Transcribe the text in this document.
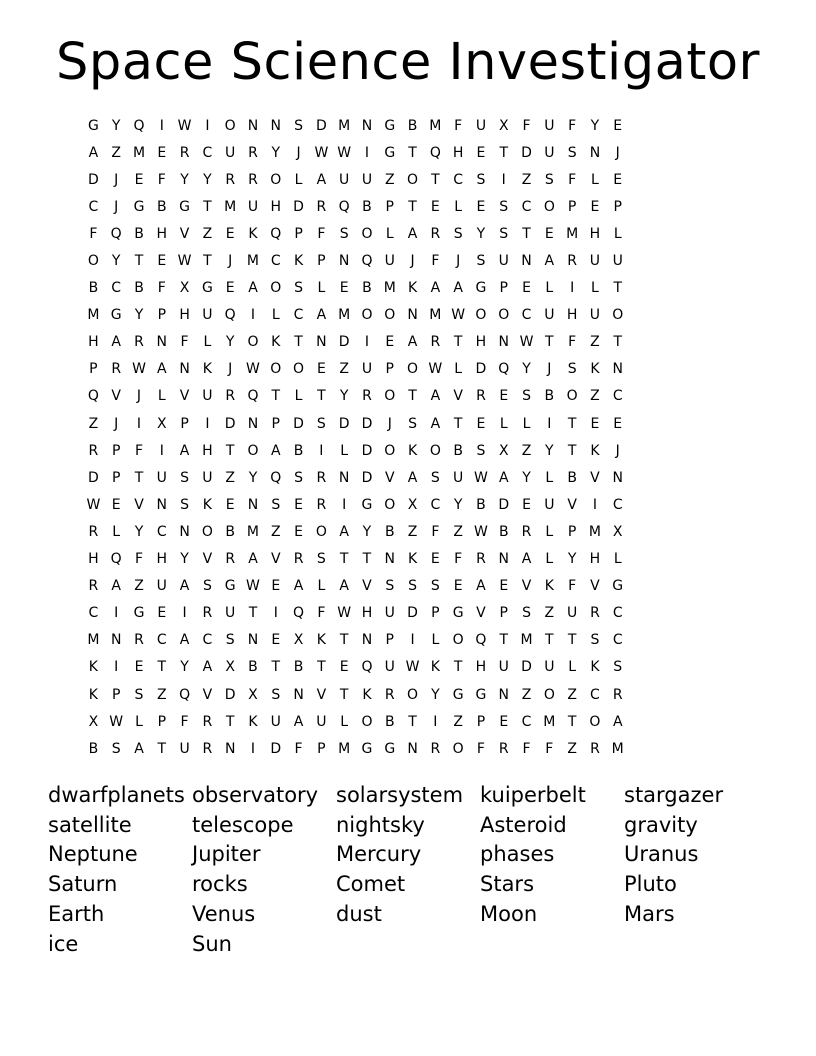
Space Science Investigator
G Y Q	I W I	O N N S D M N G B M F U X F U F	Y	E
A Z M E R C U R Y	J W W I	G T Q H E	T D U S N	J
D	J	E	F	Y	Y R R O L	A U U Z O T C S	I	Z S	F	L	E
C	J	G B G T M U H D R Q B P	T	E	L	E S C O P	E	P
F Q B H V Z E K Q P	F	S O L	A R S	Y	S	T	E M H L
O Y	T	E W T	J	M C K P N Q U	J	F	J	S U N A R U U
B C B F X G E A O S	L	E B M K A A G P	E	L	I	L	T
M G Y	P H U Q	I	L	C A M O O N M W O O C U H U O
H A R N F	L	Y O K T N D	I	E A R T H N W T	F Z T
P R W A N K	J W O O E Z U P O W L D Q Y	J	S K N
Q V	J	L	V U R Q T	L	T	Y R O T A V R E S B O Z C
Z	J	I	X P	I	D N P D S D D	J	S A T	E	L	L	I	T	E E
R P	F	I	A H T O A B	I	L D O K O B S X Z Y	T K	J
D P	T U S U Z Y Q S R N D V A S U W A Y	L	B V N
W E V N S K E N S E R	I	G O X C Y B D E U V	I	C
R	L	Y C N O B M Z E O A Y B Z F Z W B R	L	P M X
H Q F H Y V R A V R S	T	T N K E	F R N A	L	Y H L
R A Z U A S G W E A	L	A V S S S E A E V K	F V G
C	I	G E	I	R U T	I	Q F W H U D P G V P	S Z U R C
M N R C A C S N E X K T N P	I	L O Q T M T	T	S C
K	I	E	T	Y A X B T B T	E Q U W K T H U D U L	K S
K P	S Z Q V D X S N V T K R O Y G G N Z O Z C R
X W L	P	F R T K U A U L O B T	I	Z P	E C M T O A
B S A T U R N	I	D F	P M G G N R O F R F	F Z R M
dwarfplanets observatory solarsystem kuiperbelt	stargazer
satellite	telescope	nightsky	Asteroid	gravity
Neptune	Jupiter	Mercury	phases	Uranus
Saturn	rocks	Comet	Stars	Pluto
Earth	Venus	dust	Moon	Mars
ice	Sun
